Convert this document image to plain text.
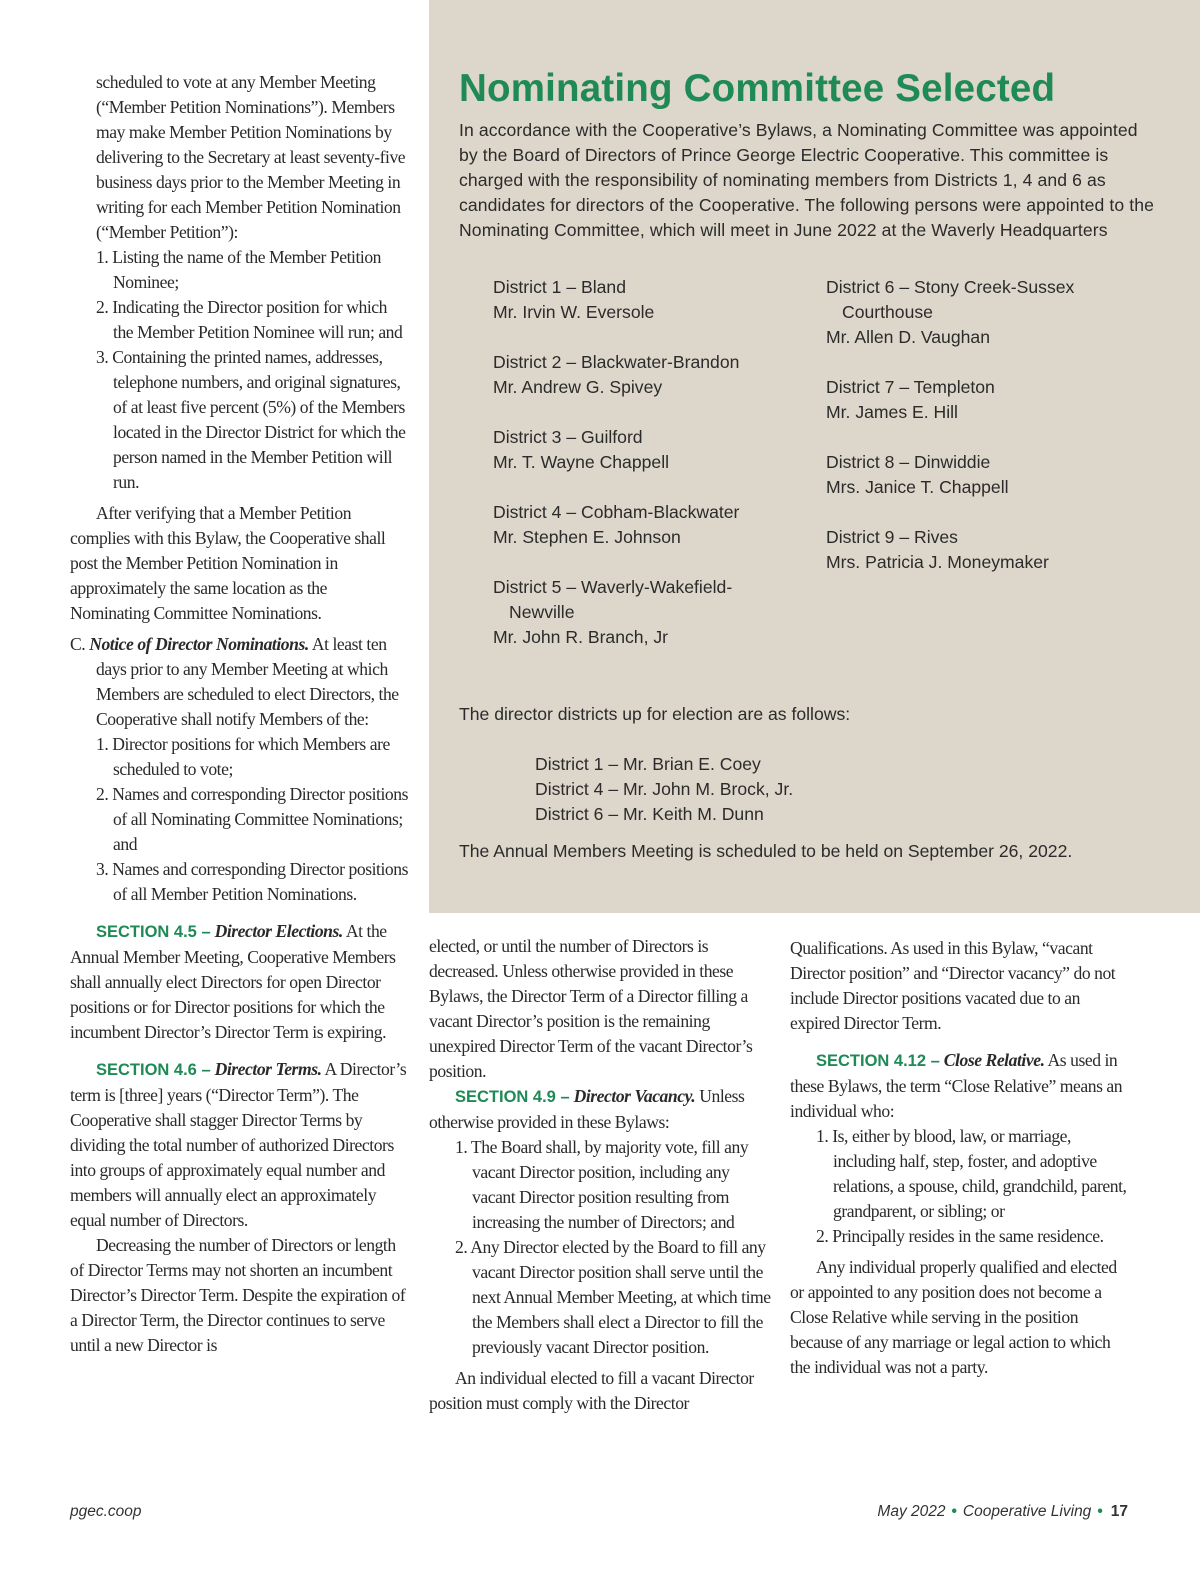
Nominating Committee Selected

In accordance with the Cooperative’s Bylaws, a Nominating Committee was appointed by the Board of Directors of Prince George Electric Cooperative. This committee is charged with the responsibility of nominating members from Districts 1, 4 and 6 as candidates for directors of the Cooperative. The following persons were appointed to the Nominating Committee, which will meet in June 2022 at the Waverly Headquarters

District 1 – Bland
Mr. Irvin W. Eversole
District 2 – Blackwater-Brandon
Mr. Andrew G. Spivey
District 3 – Guilford
Mr. T. Wayne Chappell
District 4 – Cobham-Blackwater
Mr. Stephen E. Johnson
District 5 – Waverly-Wakefield-Newville
Mr. John R. Branch, Jr
District 6 – Stony Creek-Sussex Courthouse
Mr. Allen D. Vaughan
District 7 – Templeton
Mr. James E. Hill
District 8 – Dinwiddie
Mrs. Janice T. Chappell
District 9 – Rives
Mrs. Patricia J. Moneymaker
The director districts up for election are as follows:
District 1 – Mr. Brian E. Coey
District 4 – Mr. John M. Brock, Jr.
District 6 – Mr. Keith M. Dunn
The Annual Members Meeting is scheduled to be held on September 26, 2022.

scheduled to vote at any Member Meeting (“Member Petition Nominations”). Members may make Member Petition Nominations by delivering to the Secretary at least seventy-five business days prior to the Member Meeting in writing for each Member Petition Nomination (“Member Petition”):

1. Listing the name of the Member Petition Nominee;
2. Indicating the Director position for which the Member Petition Nominee will run; and
3. Containing the printed names, addresses, telephone numbers, and original signatures, of at least five percent (5%) of the Members located in the Director District for which the person named in the Member Petition will run.

After verifying that a Member Petition complies with this Bylaw, the Cooperative shall post the Member Petition Nomination in approximately the same location as the Nominating Committee Nominations.

C. Notice of Director Nominations. At least ten days prior to any Member Meeting at which Members are scheduled to elect Directors, the Cooperative shall notify Members of the:

1. Director positions for which Members are scheduled to vote;
2. Names and corresponding Director positions of all Nominating Committee Nominations; and
3. Names and corresponding Director positions of all Member Petition Nominations.

SECTION 4.5 – Director Elections. At the Annual Member Meeting, Cooperative Members shall annually elect Directors for open Director positions or for Director positions for which the incumbent Director’s Director Term is expiring.

SECTION 4.6 – Director Terms. A Director’s term is [three] years (“Director Term”). The Cooperative shall stagger Director Terms by dividing the total number of authorized Directors into groups of approximately equal number and members will annually elect an approximately equal number of Directors.

Decreasing the number of Directors or length of Director Terms may not shorten an incumbent Director’s Director Term. Despite the expiration of a Director Term, the Director continues to serve until a new Director is

elected, or until the number of Directors is decreased. Unless otherwise provided in these Bylaws, the Director Term of a Director filling a vacant Director’s position is the remaining unexpired Director Term of the vacant Director’s position.

SECTION 4.9 – Director Vacancy. Unless otherwise provided in these Bylaws:

1. The Board shall, by majority vote, fill any vacant Director position, including any vacant Director position resulting from increasing the number of Directors; and
2. Any Director elected by the Board to fill any vacant Director position shall serve until the next Annual Member Meeting, at which time the Members shall elect a Director to fill the previously vacant Director position.

An individual elected to fill a vacant Director position must comply with the Director

Qualifications. As used in this Bylaw, “vacant Director position” and “Director vacancy” do not include Director positions vacated due to an expired Director Term.

SECTION 4.12 – Close Relative. As used in these Bylaws, the term “Close Relative” means an individual who:

1. Is, either by blood, law, or marriage, including half, step, foster, and adoptive relations, a spouse, child, grandchild, parent, grandparent, or sibling; or
2. Principally resides in the same residence.

Any individual properly qualified and elected or appointed to any position does not become a Close Relative while serving in the position because of any marriage or legal action to which the individual was not a party.

pgec.coop	May 2022 • Cooperative Living • 17
